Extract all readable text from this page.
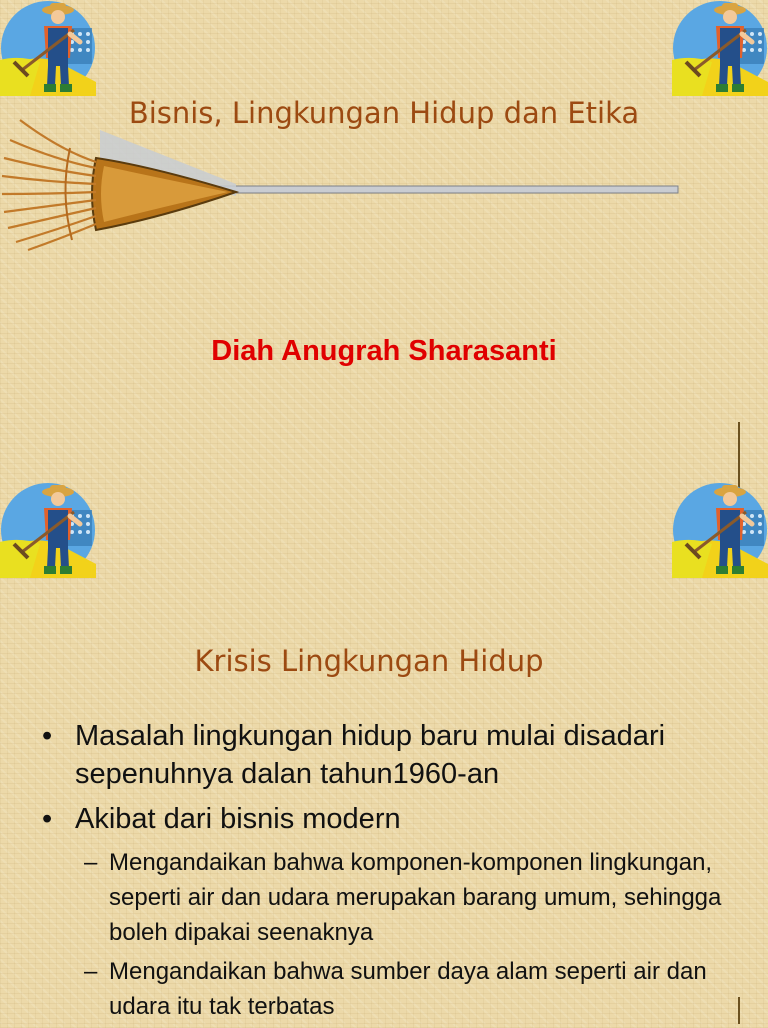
Bisnis, Lingkungan Hidup dan Etika
Diah Anugrah Sharasanti
Krisis Lingkungan Hidup
• Masalah lingkungan hidup baru mulai disadari sepenuhnya dalan tahun1960-an
• Akibat dari bisnis modern
– Mengandaikan bahwa komponen-komponen lingkungan, seperti air dan udara merupakan barang umum, sehingga boleh dipakai seenaknya
– Mengandaikan bahwa sumber daya alam seperti air dan udara itu tak terbatas
